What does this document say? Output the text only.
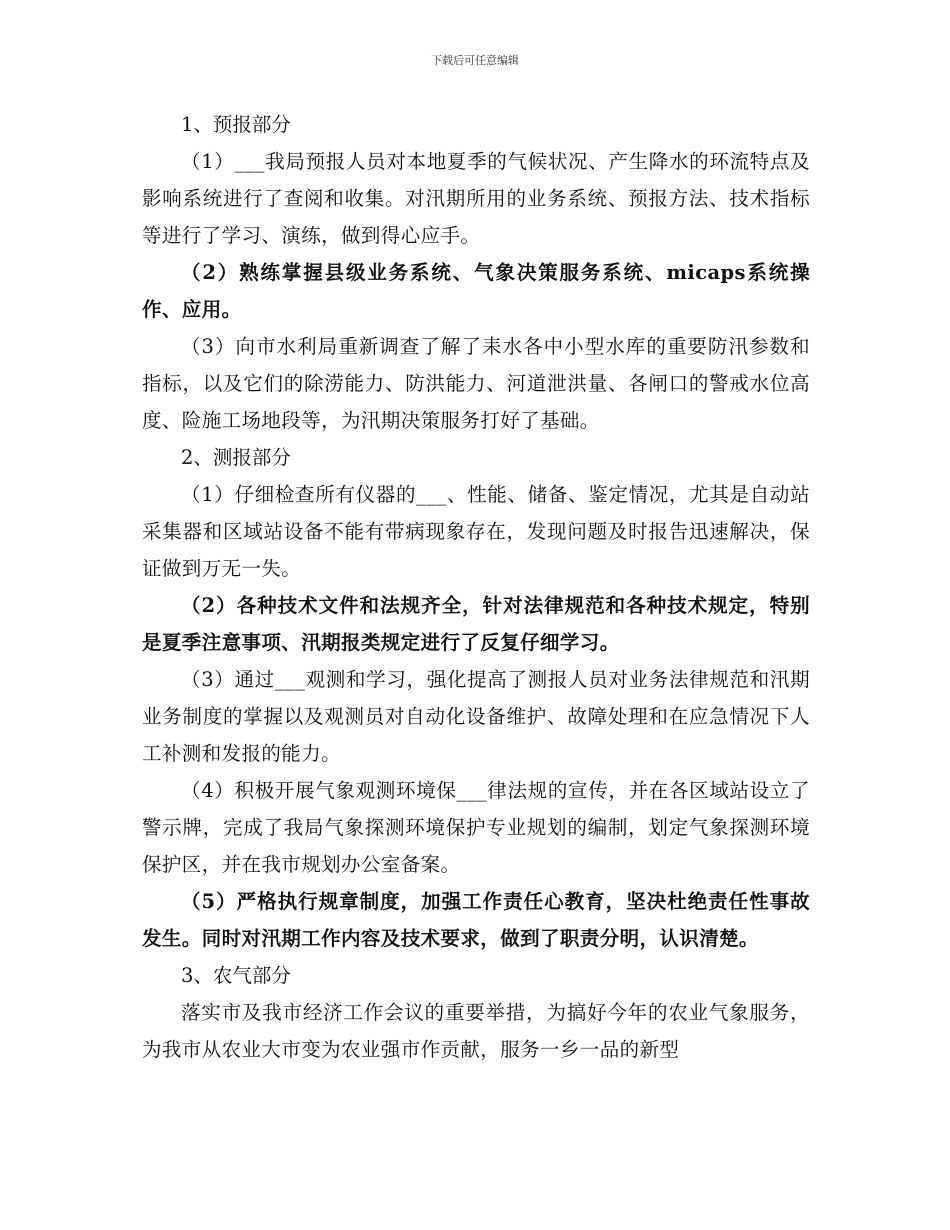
下载后可任意编辑

1、预报部分

（1）___我局预报人员对本地夏季的气候状况、产生降水的环流特点及影响系统进行了查阅和收集。对汛期所用的业务系统、预报方法、技术指标等进行了学习、演练，做到得心应手。

（2）熟练掌握县级业务系统、气象决策服务系统、micaps系统操作、应用。

（3）向市水利局重新调查了解了耒水各中小型水库的重要防汛参数和指标，以及它们的除涝能力、防洪能力、河道泄洪量、各闸口的警戒水位高度、险施工场地段等，为汛期决策服务打好了基础。

2、测报部分

（1）仔细检查所有仪器的___、性能、储备、鉴定情况，尤其是自动站采集器和区域站设备不能有带病现象存在，发现问题及时报告迅速解决，保证做到万无一失。

（2）各种技术文件和法规齐全，针对法律规范和各种技术规定，特别是夏季注意事项、汛期报类规定进行了反复仔细学习。

（3）通过___观测和学习，强化提高了测报人员对业务法律规范和汛期业务制度的掌握以及观测员对自动化设备维护、故障处理和在应急情况下人工补测和发报的能力。

（4）积极开展气象观测环境保___律法规的宣传，并在各区域站设立了警示牌，完成了我局气象探测环境保护专业规划的编制，划定气象探测环境保护区，并在我市规划办公室备案。

（5）严格执行规章制度，加强工作责任心教育，坚决杜绝责任性事故发生。同时对汛期工作内容及技术要求，做到了职责分明，认识清楚。

3、农气部分

落实市及我市经济工作会议的重要举措，为搞好今年的农业气象服务，为我市从农业大市变为农业强市作贡献，服务一乡一品的新型
